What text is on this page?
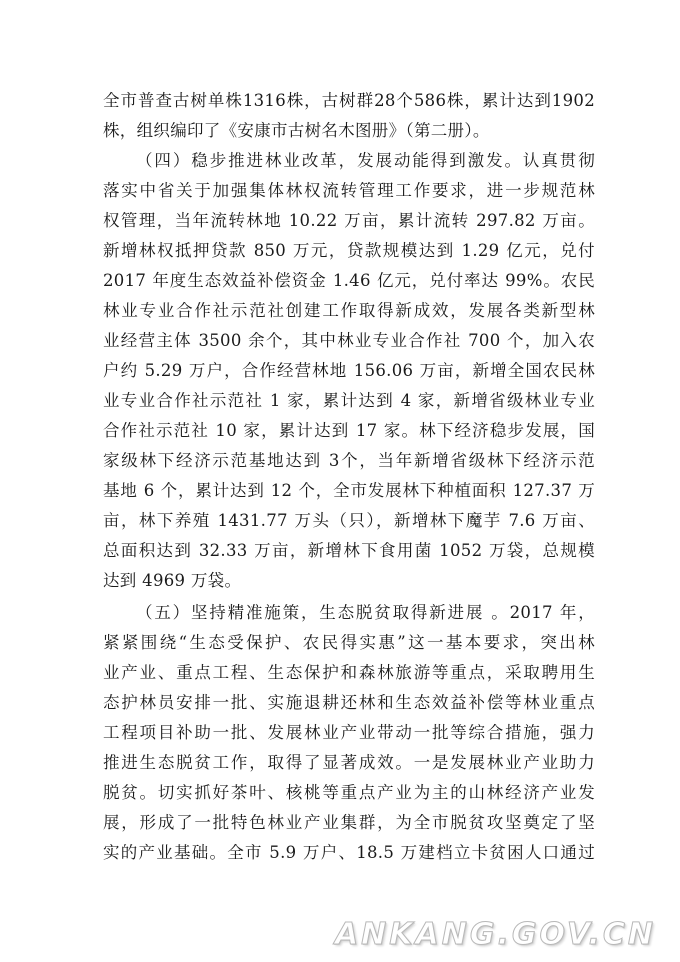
全市普查古树单株1316株，古树群28个586株，累计达到1902
株，组织编印了《安康市古树名木图册》（第二册）。
（四）稳步推进林业改革，发展动能得到激发。认真贯彻
落实中省关于加强集体林权流转管理工作要求，进一步规范林
权管理，当年流转林地 10.22 万亩，累计流转 297.82 万亩。
新增林权抵押贷款 850 万元，贷款规模达到 1.29 亿元，兑付
2017 年度生态效益补偿资金 1.46 亿元，兑付率达 99%。农民
林业专业合作社示范社创建工作取得新成效，发展各类新型林
业经营主体 3500 余个，其中林业专业合作社 700 个，加入农
户约 5.29 万户，合作经营林地 156.06 万亩，新增全国农民林
业专业合作社示范社 1 家，累计达到 4 家，新增省级林业专业
合作社示范社 10 家，累计达到 17 家。林下经济稳步发展，国
家级林下经济示范基地达到 3个，当年新增省级林下经济示范
基地 6 个，累计达到 12 个，全市发展林下种植面积 127.37 万
亩，林下养殖 1431.77 万头（只），新增林下魔芋 7.6 万亩、
总面积达到 32.33 万亩，新增林下食用菌 1052 万袋，总规模
达到 4969 万袋。
（五）坚持精准施策，生态脱贫取得新进展 。2017 年，
紧紧围绕“生态受保护、农民得实惠”这一基本要求，突出林
业产业、重点工程、生态保护和森林旅游等重点，采取聘用生
态护林员安排一批、实施退耕还林和生态效益补偿等林业重点
工程项目补助一批、发展林业产业带动一批等综合措施，强力
推进生态脱贫工作，取得了显著成效。一是发展林业产业助力
脱贫。切实抓好茶叶、核桃等重点产业为主的山林经济产业发
展，形成了一批特色林业产业集群，为全市脱贫攻坚奠定了坚
实的产业基础。全市 5.9 万户、18.5 万建档立卡贫困人口通过
ANKANG.GOV.CN
